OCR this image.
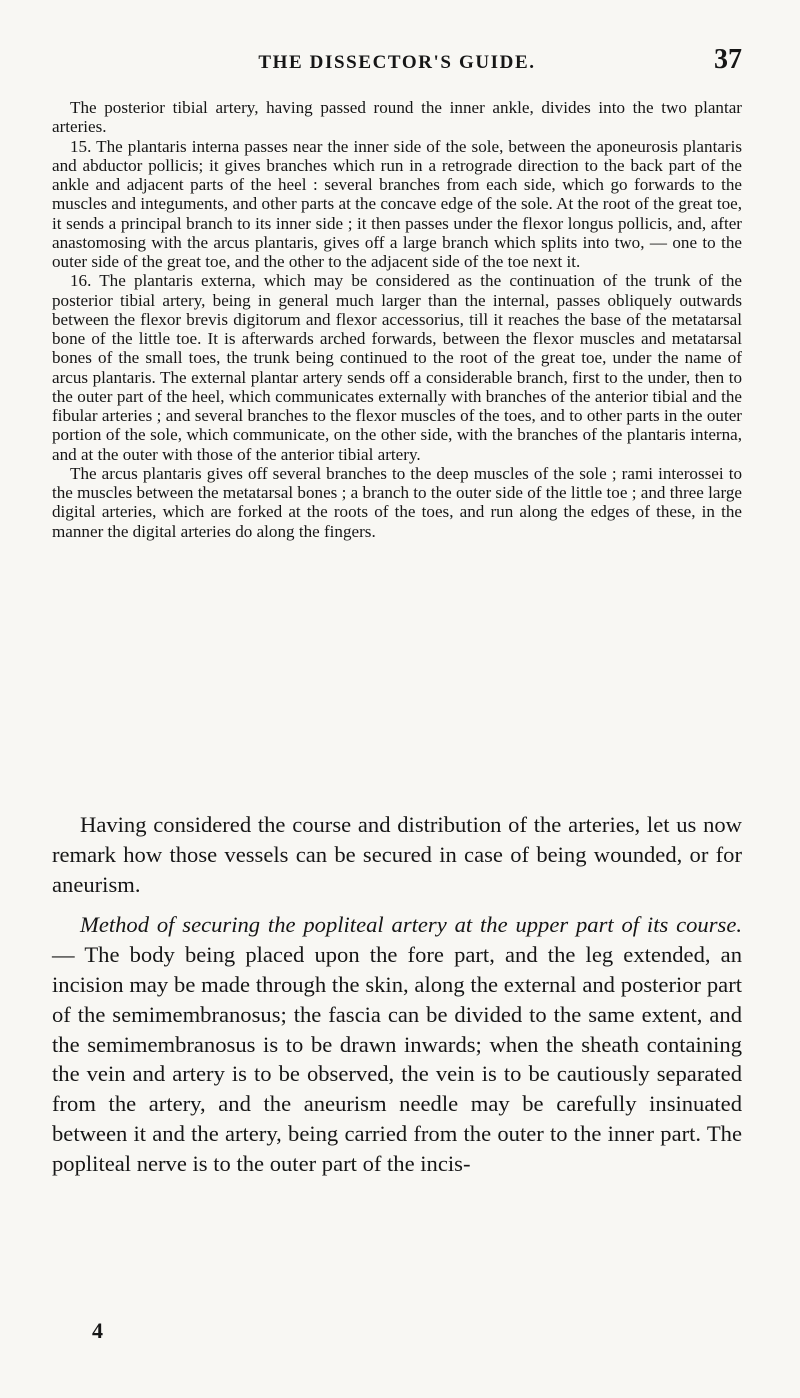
THE DISSECTOR'S GUIDE.	37

The posterior tibial artery, having passed round the inner ankle, divides into the two plantar arteries.

15. The plantaris interna passes near the inner side of the sole, between the aponeurosis plantaris and abductor pollicis; it gives branches which run in a retrograde direction to the back part of the ankle and adjacent parts of the heel : several branches from each side, which go forwards to the muscles and integuments, and other parts at the concave edge of the sole. At the root of the great toe, it sends a principal branch to its inner side ; it then passes under the flexor longus pollicis, and, after anastomosing with the arcus plantaris, gives off a large branch which splits into two, — one to the outer side of the great toe, and the other to the adjacent side of the toe next it.

16. The plantaris externa, which may be considered as the continuation of the trunk of the posterior tibial artery, being in general much larger than the internal, passes obliquely outwards between the flexor brevis digitorum and flexor accessorius, till it reaches the base of the metatarsal bone of the little toe. It is afterwards arched forwards, between the flexor muscles and metatarsal bones of the small toes, the trunk being continued to the root of the great toe, under the name of arcus plantaris. The external plantar artery sends off a considerable branch, first to the under, then to the outer part of the heel, which communicates externally with branches of the anterior tibial and the fibular arteries ; and several branches to the flexor muscles of the toes, and to other parts in the outer portion of the sole, which communicate, on the other side, with the branches of the plantaris interna, and at the outer with those of the anterior tibial artery.

The arcus plantaris gives off several branches to the deep muscles of the sole ; rami interossei to the muscles between the metatarsal bones ; a branch to the outer side of the little toe ; and three large digital arteries, which are forked at the roots of the toes, and run along the edges of these, in the manner the digital arteries do along the fingers.

Having considered the course and distribution of the arteries, let us now remark how those vessels can be secured in case of being wounded, or for aneurism.

Method of securing the popliteal artery at the upper part of its course. — The body being placed upon the fore part, and the leg extended, an incision may be made through the skin, along the external and posterior part of the semimembranosus; the fascia can be divided to the same extent, and the semimembranosus is to be drawn inwards; when the sheath containing the vein and artery is to be observed, the vein is to be cautiously separated from the artery, and the aneurism needle may be carefully insinuated between it and the artery, being carried from the outer to the inner part. The popliteal nerve is to the outer part of the incis-

4
